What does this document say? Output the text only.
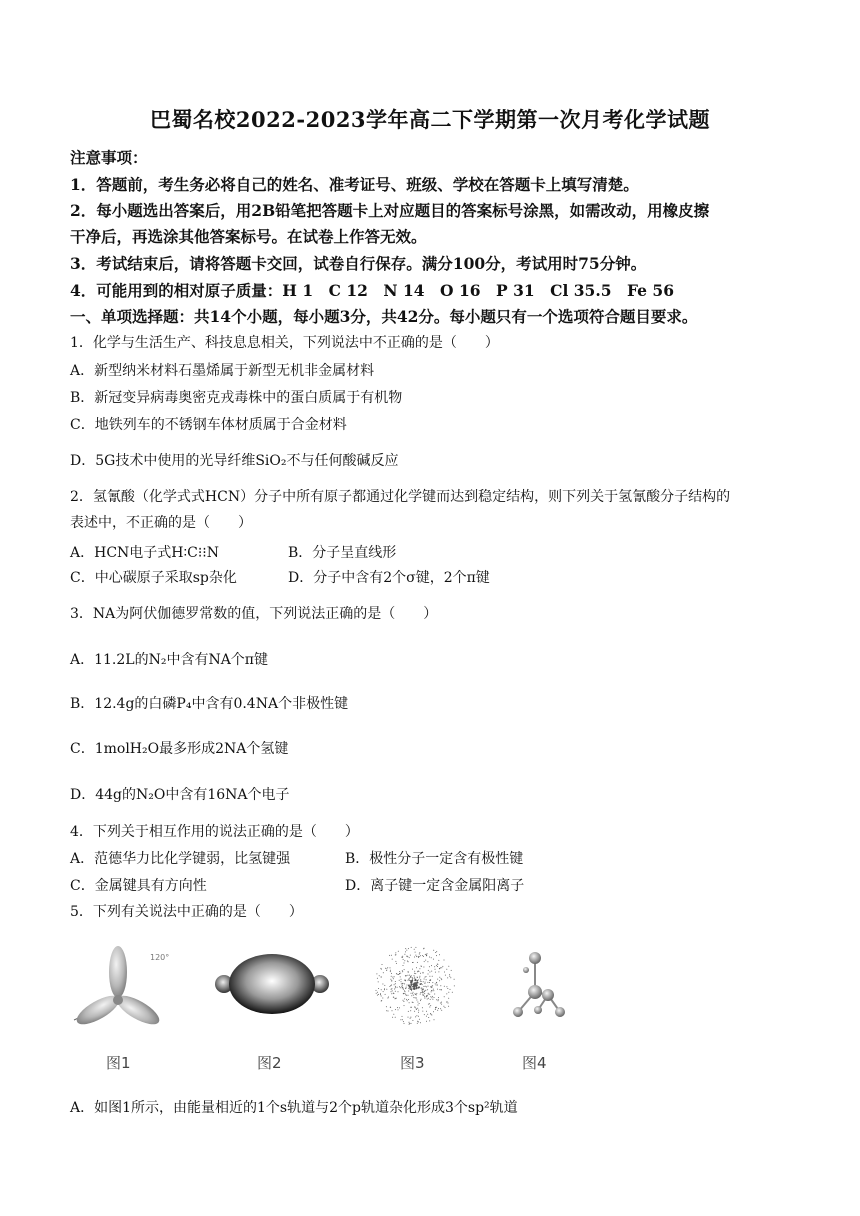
巴蜀名校2022-2023学年高二下学期第一次月考化学试题
注意事项：
1．答题前，考生务必将自己的姓名、准考证号、班级、学校在答题卡上填写清楚。
2．每小题选出答案后，用2B铅笔把答题卡上对应题目的答案标号涂黑，如需改动，用橡皮擦
干净后，再选涂其他答案标号。在试卷上作答无效。
3．考试结束后，请将答题卡交回，试卷自行保存。满分100分，考试用时75分钟。
4．可能用到的相对原子质量：H 1　C 12　N 14　O 16　P 31　Cl 35.5　Fe 56
一、单项选择题：共14个小题，每小题3分，共42分。每小题只有一个选项符合题目要求。
1．化学与生活生产、科技息息相关，下列说法中不正确的是（　　）
A．新型纳米材料石墨烯属于新型无机非金属材料
B．新冠变异病毒奥密克戎毒株中的蛋白质属于有机物
C．地铁列车的不锈钢车体材质属于合金材料
D．5G技术中使用的光导纤维SiO₂不与任何酸碱反应
2．氢氰酸（化学式式HCN）分子中所有原子都通过化学键而达到稳定结构，则下列关于氢氰酸分子结构的
表述中，不正确的是（　　）
A．HCN电子式H∶C⁝⁝N	B．分子呈直线形
C．中心碳原子采取sp杂化	D．分子中含有2个σ键，2个π键
3．NA为阿伏伽德罗常数的值，下列说法正确的是（　　）
A．11.2L的N₂中含有NA个π键
B．12.4g的白磷P₄中含有0.4NA个非极性键
C．1molH₂O最多形成2NA个氢键
D．44g的N₂O中含有16NA个电子
4．下列关于相互作用的说法正确的是（　　）
A．范德华力比化学键弱，比氢键强	B．极性分子一定含有极性键
C．金属键具有方向性	D．离子键一定含金属阳离子
5．下列有关说法中正确的是（　　）
120°
图1	图2	图3	图4
A．如图1所示，由能量相近的1个s轨道与2个p轨道杂化形成3个sp²轨道
